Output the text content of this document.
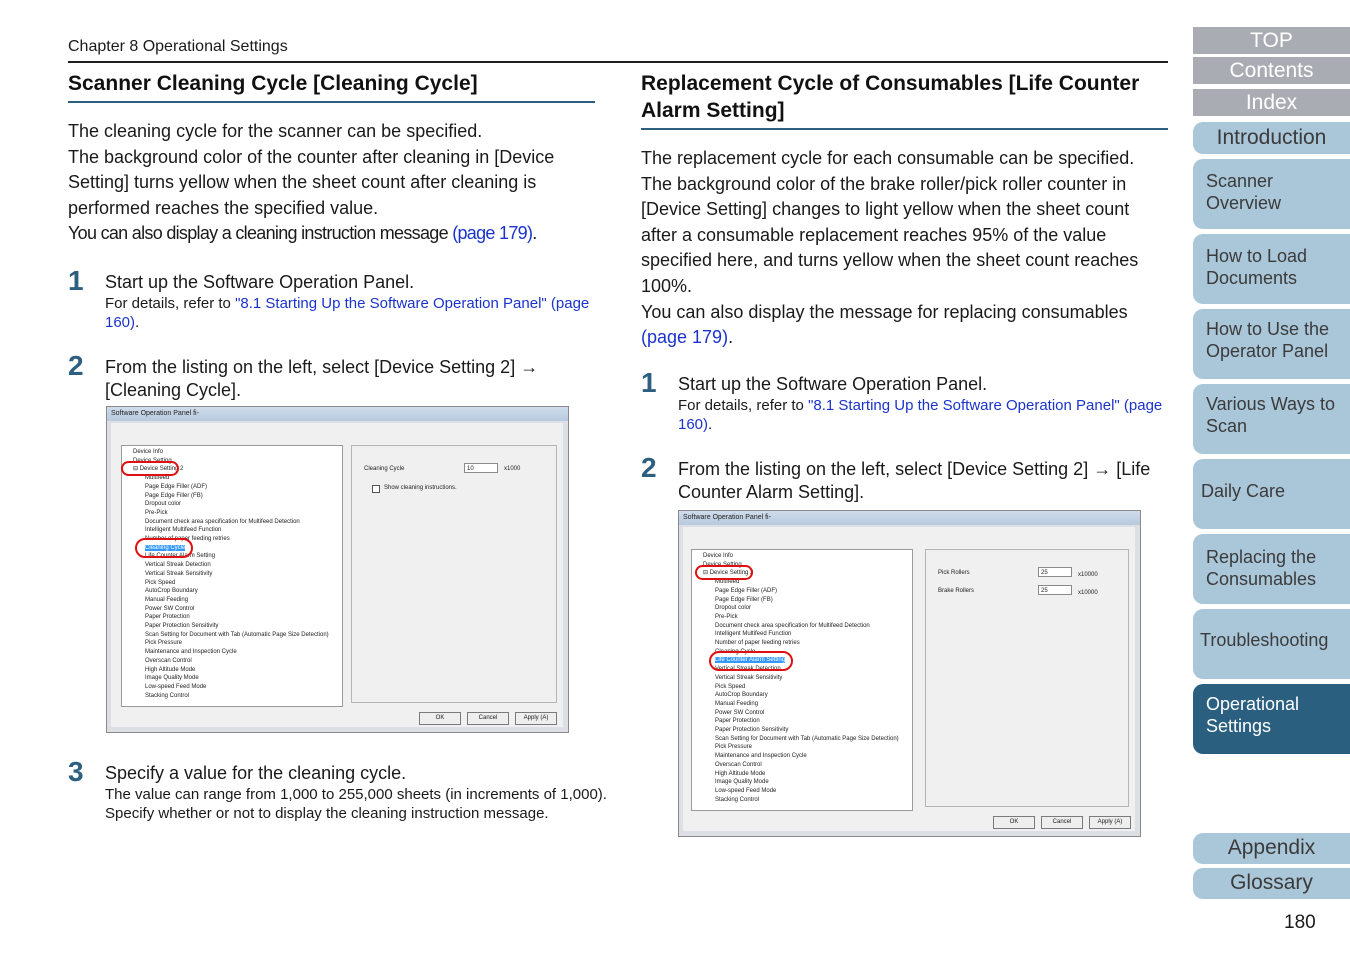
Chapter 8 Operational Settings
Scanner Cleaning Cycle [Cleaning Cycle]

The cleaning cycle for the scanner can be specified.

The background color of the counter after cleaning in [Device Setting] turns yellow when the sheet count after cleaning is performed reaches the specified value.

You can also display a cleaning instruction message (page 179).

1 Start up the Software Operation Panel.
For details, refer to "8.1 Starting Up the Software Operation Panel" (page 160).
2 From the listing on the left, select [Device Setting 2] → [Cleaning Cycle].
Software Operation Panel fi-
Device Info
Device Setting
⊟ Device Setting 2
Multifeed
Page Edge Filler (ADF)
Page Edge Filler (FB)
Dropout color
Pre-Pick
Document check area specification for Multifeed Detection
Intelligent Multifeed Function
Number of paper feeding retries
Cleaning Cycle
Life Counter Alarm Setting
Vertical Streak Detection
Vertical Streak Sensitivity
Pick Speed
AutoCrop Boundary
Manual Feeding
Power SW Control
Paper Protection
Paper Protection Sensitivity
Scan Setting for Document with Tab (Automatic Page Size Detection)
Pick Pressure
Maintenance and Inspection Cycle
Overscan Control
High Altitude Mode
Image Quality Mode
Low-speed Feed Mode
Stacking Control
Cleaning Cycle	10	x1000
Show cleaning instructions.
OK	Cancel	Apply (A)
3 Specify a value for the cleaning cycle.
The value can range from 1,000 to 255,000 sheets (in increments of 1,000).
Specify whether or not to display the cleaning instruction message.
Replacement Cycle of Consumables [Life Counter Alarm Setting]

The replacement cycle for each consumable can be specified.

The background color of the brake roller/pick roller counter in [Device Setting] changes to light yellow when the sheet count after a consumable replacement reaches 95% of the value specified here, and turns yellow when the sheet count reaches 100%.

You can also display the message for replacing consumables (page 179).

1 Start up the Software Operation Panel.
For details, refer to "8.1 Starting Up the Software Operation Panel" (page 160).
2 From the listing on the left, select [Device Setting 2] → [Life Counter Alarm Setting].
Software Operation Panel fi-
Device Info
Device Setting
⊟ Device Setting 2
Multifeed
Page Edge Filler (ADF)
Page Edge Filler (FB)
Dropout color
Pre-Pick
Document check area specification for Multifeed Detection
Intelligent Multifeed Function
Number of paper feeding retries
Cleaning Cycle
Life Counter Alarm Setting
Vertical Streak Detection
Vertical Streak Sensitivity
Pick Speed
AutoCrop Boundary
Manual Feeding
Power SW Control
Paper Protection
Paper Protection Sensitivity
Scan Setting for Document with Tab (Automatic Page Size Detection)
Pick Pressure
Maintenance and Inspection Cycle
Overscan Control
High Altitude Mode
Image Quality Mode
Low-speed Feed Mode
Stacking Control
Pick Rollers	25	x10000
Brake Rollers	25	x10000
OK	Cancel	Apply (A)
TOP
Contents
Index
Introduction
Scanner Overview
How to Load Documents
How to Use the Operator Panel
Various Ways to Scan
Daily Care
Replacing the Consumables
Troubleshooting
Operational Settings
Appendix
Glossary
180
